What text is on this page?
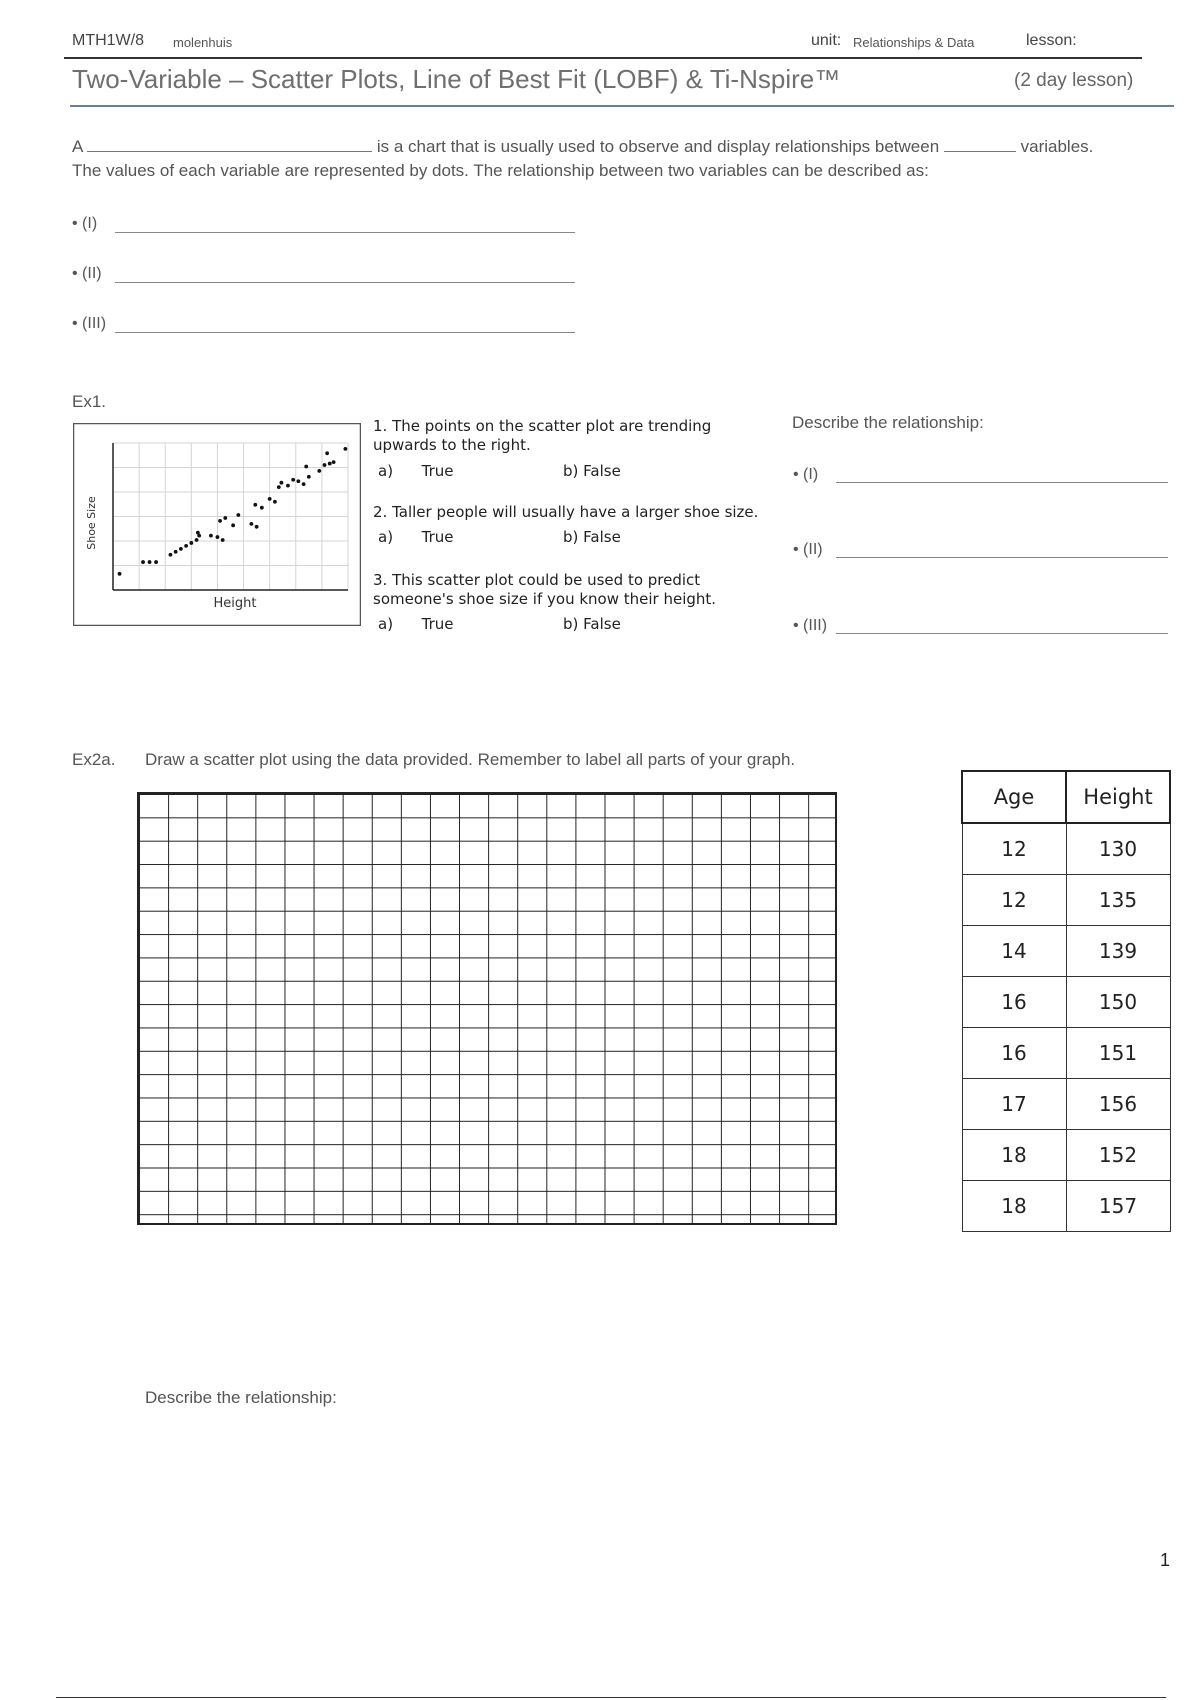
MTH1W/8 molenhuis	unit: Relationships & Data	lesson:
Two-Variable – Scatter Plots, Line of Best Fit (LOBF) & Ti-Nspire™	(2 day lesson)
A	is a chart that is usually used to observe and display relationships between	variables.
The values of each variable are represented by dots. The relationship between two variables can be described as:
• (I)
• (II)
• (III)
Ex1.
Height
Shoe Size
1. The points on the scatter plot are trending upwards to the right.
a) True	b) False
2. Taller people will usually have a larger shoe size.
a) True	b) False
3. This scatter plot could be used to predict someone's shoe size if you know their height.
a) True	b) False
Describe the relationship:
• (I)
• (II)
• (III)
Ex2a. Draw a scatter plot using the data provided. Remember to label all parts of your graph.
Age	Height
12	130
12	135
14	139
16	150
16	151
17	156
18	152
18	157
Describe the relationship:
1
